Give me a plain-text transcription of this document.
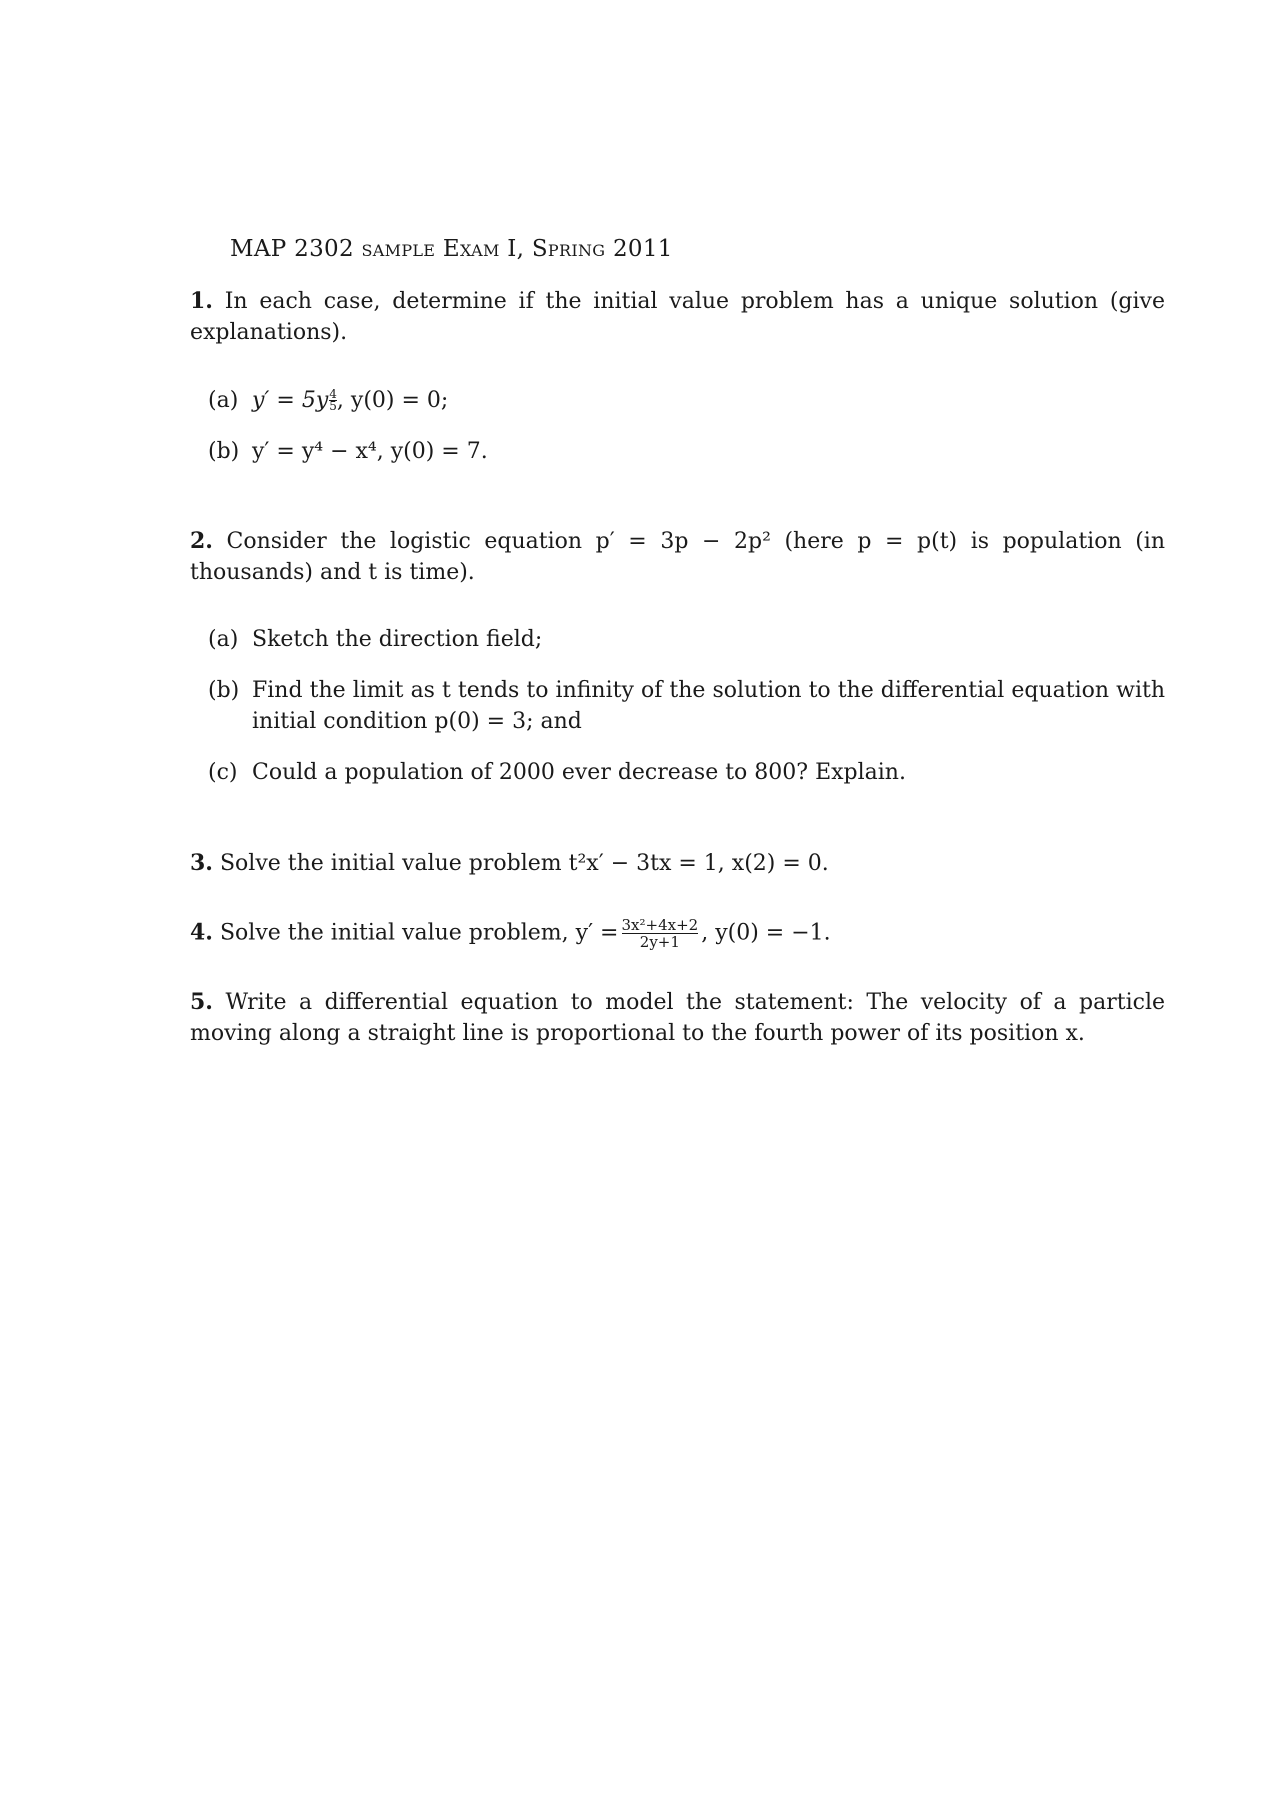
MAP 2302 sample Exam I, Spring 2011
1. In each case, determine if the initial value problem has a unique solution (give explanations).
(a) $y' = 5y \frac{4}{5}$ , y(0) = 0;
(b) y′ = y⁴ − x⁴, y(0) = 7.
2. Consider the logistic equation p′ = 3p − 2p² (here p = p(t) is population (in thousands) and t is time).
(a) Sketch the direction field;
(b) Find the limit as t tends to infinity of the solution to the differential equation with initial condition p(0) = 3; and
(c) Could a population of 2000 ever decrease to 800? Explain.
3. Solve the initial value problem t²x′ − 3tx = 1, x(2) = 0.
4. Solve the initial value problem, $y' = \frac{\text{3x²+4x+2}}{2y+1}$ , y(0) = −1.
5. Write a differential equation to model the statement: The velocity of a particle moving along a straight line is proportional to the fourth power of its position x.
